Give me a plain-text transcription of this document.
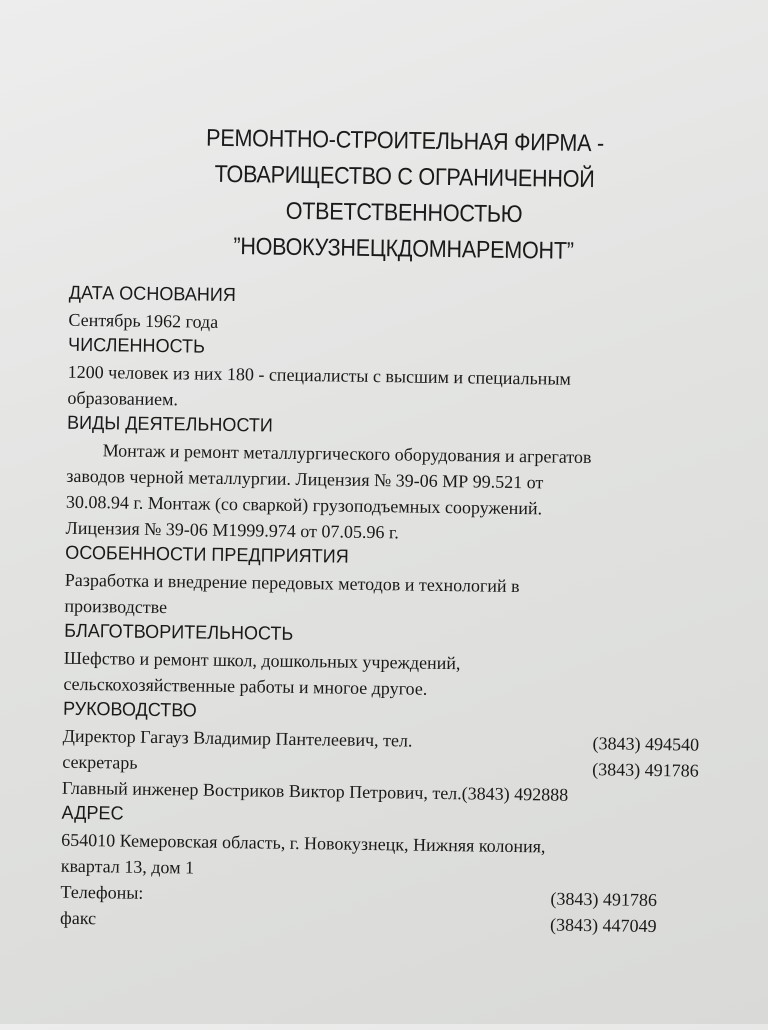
РЕМОНТНО-СТРОИТЕЛЬНАЯ ФИРМА -
ТОВАРИЩЕСТВО С ОГРАНИЧЕННОЙ
ОТВЕТСТВЕННОСТЬЮ
”НОВОКУЗНЕЦКДОМНАРЕМОНТ”
ДАТА ОСНОВАНИЯ
Сентябрь 1962 года
ЧИСЛЕННОСТЬ
1200 человек из них 180 - специалисты с высшим и специальным
образованием.
ВИДЫ ДЕЯТЕЛЬНОСТИ
Монтаж и ремонт металлургического оборудования и агрегатов
заводов черной металлургии. Лицензия № 39-06 МР 99.521 от
30.08.94 г. Монтаж (со сваркой) грузоподъемных сооружений.
Лицензия № 39-06 М1999.974 от 07.05.96 г.
ОСОБЕННОСТИ ПРЕДПРИЯТИЯ
Разработка и внедрение передовых методов и технологий в
производстве
БЛАГОТВОРИТЕЛЬНОСТЬ
Шефство и ремонт школ, дошкольных учреждений,
сельскохозяйственные работы и многое другое.
РУКОВОДСТВО
Директор Гагауз Владимир Пантелеевич, тел.	(3843) 494540
секретарь	(3843) 491786
Главный инженер Востриков Виктор Петрович, тел.(3843) 492888
АДРЕС
654010 Кемеровская область, г. Новокузнецк, Нижняя колония,
квартал 13, дом 1
Телефоны:	(3843) 491786
факс	(3843) 447049
